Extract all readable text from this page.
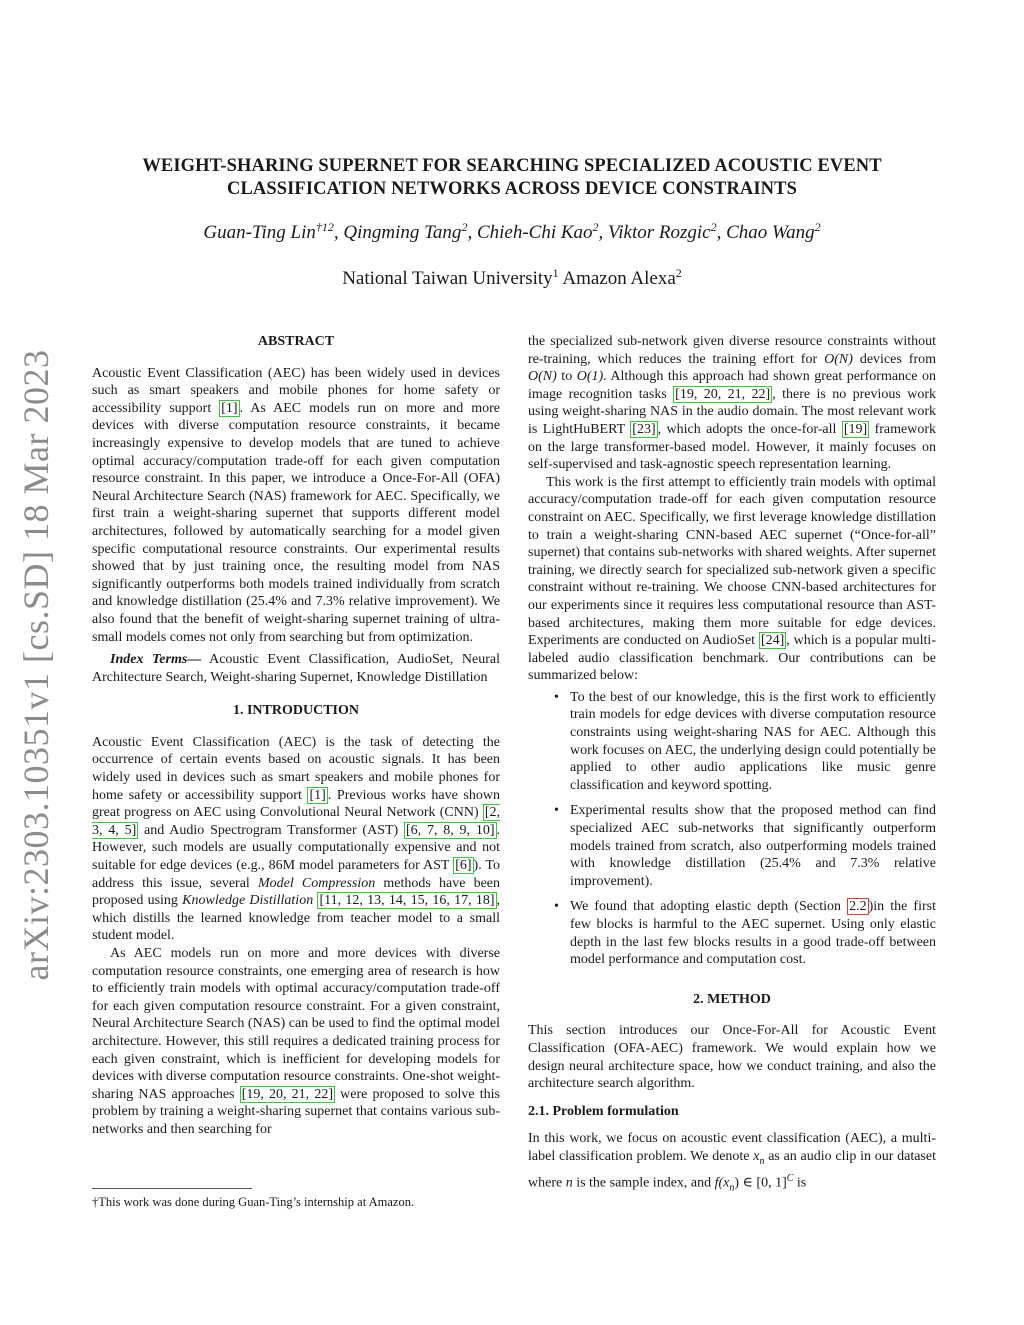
WEIGHT-SHARING SUPERNET FOR SEARCHING SPECIALIZED ACOUSTIC EVENT
CLASSIFICATION NETWORKS ACROSS DEVICE CONSTRAINTS
Guan-Ting Lin$^{\dagger 12}$, Qingming Tang$^2$, Chieh-Chi Kao$^2$, Viktor Rozgic$^2$, Chao Wang$^2$
National Taiwan University$^1$ Amazon Alexa$^2$
arXiv:2303.10351v1 [cs.SD] 18 Mar 2023

ABSTRACT

Acoustic Event Classification (AEC) has been widely used in devices such as smart speakers and mobile phones for home safety or accessibility support [1] . As AEC models run on more and more devices with diverse computation resource constraints, it became increasingly expensive to develop models that are tuned to achieve optimal accuracy/computation trade-off for each given computation resource constraint. In this paper, we introduce a Once-For-All (OFA) Neural Architecture Search (NAS) framework for AEC. Specifically, we first train a weight-sharing supernet that supports different model architectures, followed by automatically searching for a model given specific computational resource constraints. Our experimental results showed that by just training once, the resulting model from NAS significantly outperforms both models trained individually from scratch and knowledge distillation (25.4% and 7.3% relative improvement). We also found that the benefit of weight-sharing supernet training of ultra-small models comes not only from searching but from optimization.

Index Terms— Acoustic Event Classification, AudioSet, Neural Architecture Search, Weight-sharing Supernet, Knowledge Distillation

1. INTRODUCTION

Acoustic Event Classification (AEC) is the task of detecting the occurrence of certain events based on acoustic signals. It has been widely used in devices such as smart speakers and mobile phones for home safety or accessibility support [1] . Previous works have shown great progress on AEC using Convolutional Neural Network (CNN) [2, 3, 4, 5] and Audio Spectrogram Transformer (AST) [6, 7, 8, 9, 10] . However, such models are usually computationally expensive and not suitable for edge devices (e.g., 86M model parameters for AST [6] ). To address this issue, several Model Compression methods have been proposed using Knowledge Distillation [11, 12, 13, 14, 15, 16, 17, 18] , which distills the learned knowledge from teacher model to a small student model.

As AEC models run on more and more devices with diverse computation resource constraints, one emerging area of research is how to efficiently train models with optimal accuracy/computation trade-off for each given computation resource constraint. For a given constraint, Neural Architecture Search (NAS) can be used to find the optimal model architecture. However, this still requires a dedicated training process for each given constraint, which is inefficient for developing models for devices with diverse computation resource constraints. One-shot weight-sharing NAS approaches [19, 20, 21, 22] were proposed to solve this problem by training a weight-sharing supernet that contains various sub-networks and then searching for

†This work was done during Guan-Ting’s internship at Amazon.

the specialized sub-network given diverse resource constraints without re-training, which reduces the training effort for O(N) devices from O(N) to O(1). Although this approach had shown great performance on image recognition tasks [19, 20, 21, 22] , there is no previous work using weight-sharing NAS in the audio domain. The most relevant work is LightHuBERT [23] , which adopts the once-for-all [19] framework on the large transformer-based model. However, it mainly focuses on self-supervised and task-agnostic speech representation learning.

This work is the first attempt to efficiently train models with optimal accuracy/computation trade-off for each given computation resource constraint on AEC. Specifically, we first leverage knowledge distillation to train a weight-sharing CNN-based AEC supernet (“Once-for-all” supernet) that contains sub-networks with shared weights. After supernet training, we directly search for specialized sub-network given a specific constraint without re-training. We choose CNN-based architectures for our experiments since it requires less computational resource than AST-based architectures, making them more suitable for edge devices. Experiments are conducted on AudioSet [24] , which is a popular multi-labeled audio classification benchmark. Our contributions can be summarized below:

• To the best of our knowledge, this is the first work to efficiently train models for edge devices with diverse computation resource constraints using weight-sharing NAS for AEC. Although this work focuses on AEC, the underlying design could potentially be applied to other audio applications like music genre classification and keyword spotting.
• Experimental results show that the proposed method can find specialized AEC sub-networks that significantly outperform models trained from scratch, also outperforming models trained with knowledge distillation (25.4% and 7.3% relative improvement).
• We found that adopting elastic depth (Section 2.2 )in the first few blocks is harmful to the AEC supernet. Using only elastic depth in the last few blocks results in a good trade-off between model performance and computation cost.

2. METHOD

This section introduces our Once-For-All for Acoustic Event Classification (OFA-AEC) framework. We would explain how we design neural architecture space, how we conduct training, and also the architecture search algorithm.

2.1. Problem formulation

In this work, we focus on acoustic event classification (AEC), a multi-label classification problem. We denote $x_n$ as an audio clip in our dataset where n is the sample index, and $f(x_n)$ ∈ [0, 1]$^C$ is
